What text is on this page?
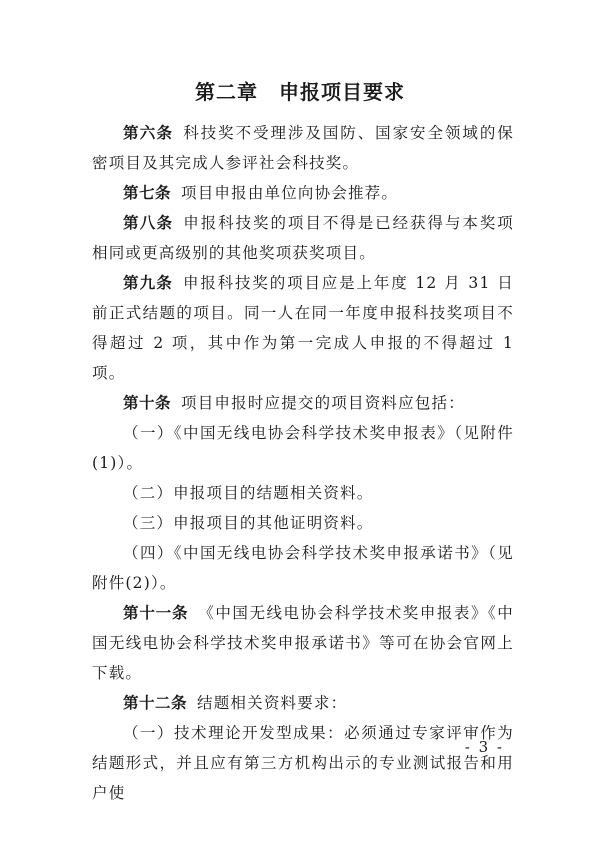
第二章　申报项目要求

第六条 科技奖不受理涉及国防、国家安全领域的保密项目及其完成人参评社会科技奖。

第七条 项目申报由单位向协会推荐。

第八条 申报科技奖的项目不得是已经获得与本奖项相同或更高级别的其他奖项获奖项目。

第九条 申报科技奖的项目应是上年度 12 月 31 日前正式结题的项目。同一人在同一年度申报科技奖项目不得超过 2 项，其中作为第一完成人申报的不得超过 1 项。

第十条 项目申报时应提交的项目资料应包括：

（一）《中国无线电协会科学技术奖申报表》（见附件(1)）。

（二）申报项目的结题相关资料。

（三）申报项目的其他证明资料。

（四）《中国无线电协会科学技术奖申报承诺书》（见附件(2)）。

第十一条 《中国无线电协会科学技术奖申报表》《中国无线电协会科学技术奖申报承诺书》等可在协会官网上下载。

第十二条 结题相关资料要求：

（一）技术理论开发型成果：必须通过专家评审作为结题形式，并且应有第三方机构出示的专业测试报告和用户使

- 3 -
